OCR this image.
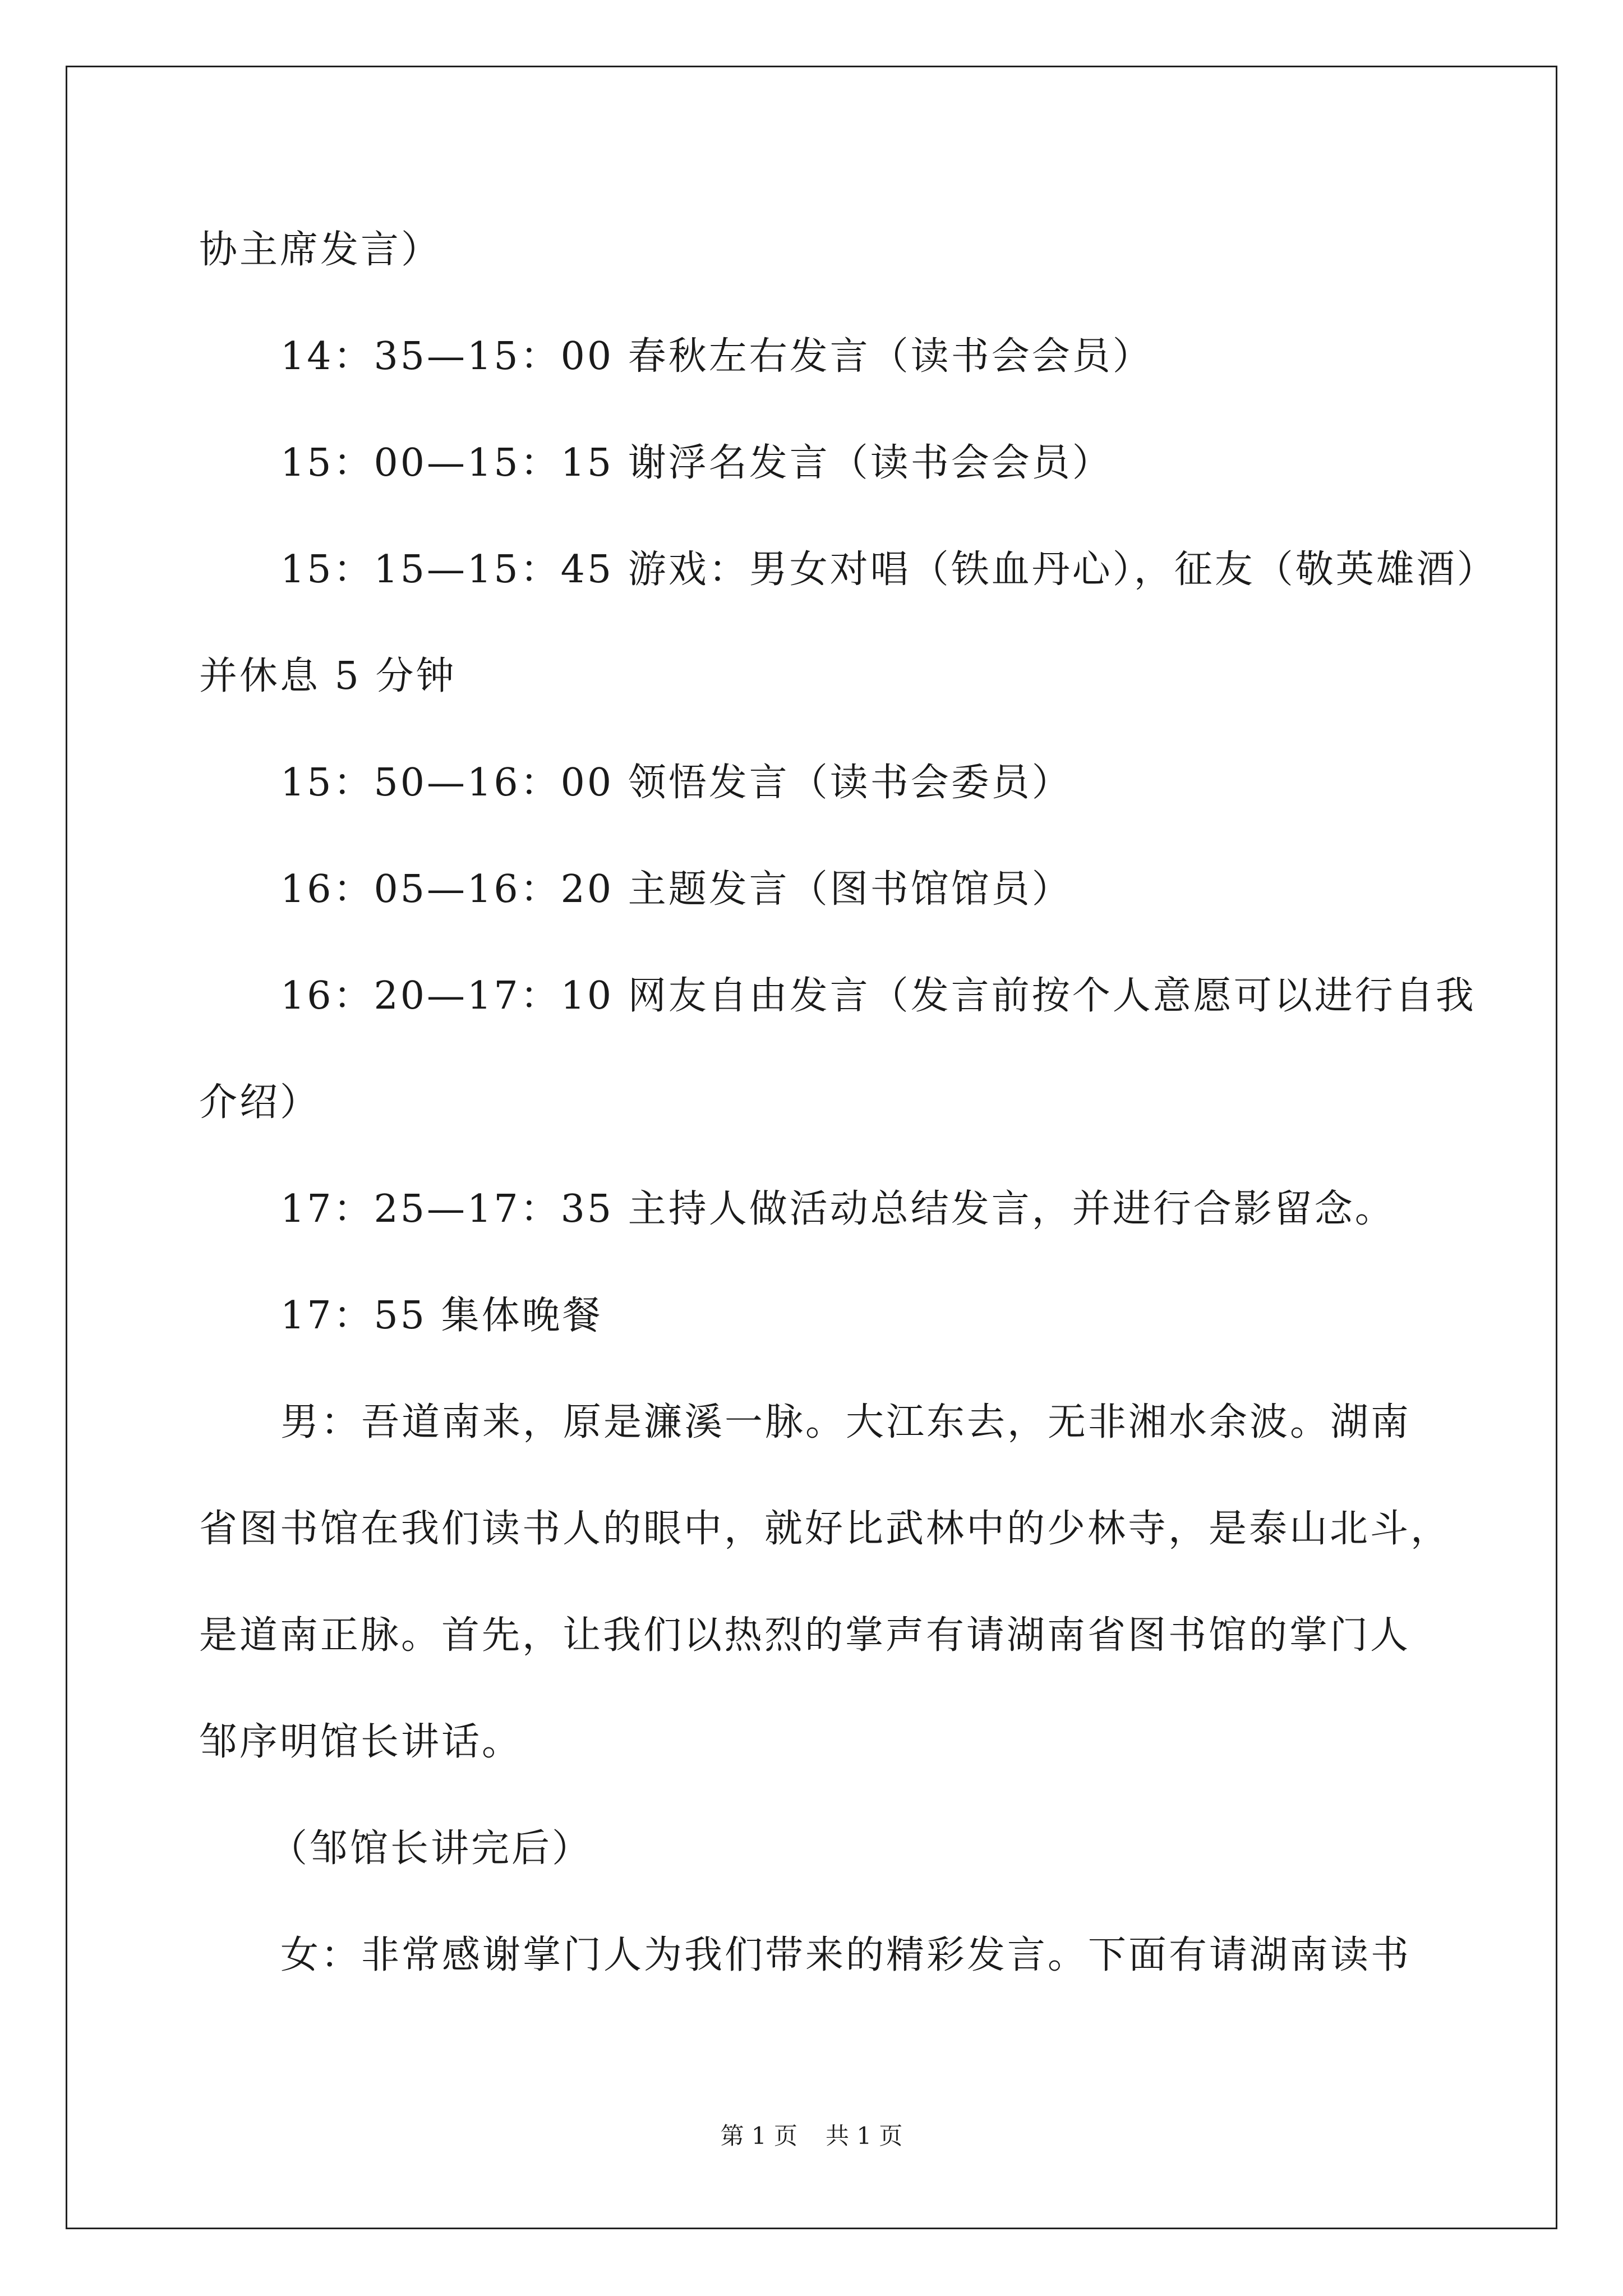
协主席发言）
14：35—15：00 春秋左右发言（读书会会员）
15：00—15：15 谢浮名发言（读书会会员）
15：15—15：45 游戏：男女对唱（铁血丹心），征友（敬英雄酒）
并休息 5 分钟
15：50—16：00 领悟发言（读书会委员）
16：05—16：20 主题发言（图书馆馆员）
16：20—17：10 网友自由发言（发言前按个人意愿可以进行自我
介绍）
17：25—17：35 主持人做活动总结发言，并进行合影留念。
17：55 集体晚餐
男：吾道南来，原是濂溪一脉。大江东去，无非湘水余波。湖南
省图书馆在我们读书人的眼中，就好比武林中的少林寺，是泰山北斗，
是道南正脉。首先，让我们以热烈的掌声有请湖南省图书馆的掌门人
邹序明馆长讲话。
（邹馆长讲完后）
女：非常感谢掌门人为我们带来的精彩发言。下面有请湖南读书
第 1 页 共 1 页
